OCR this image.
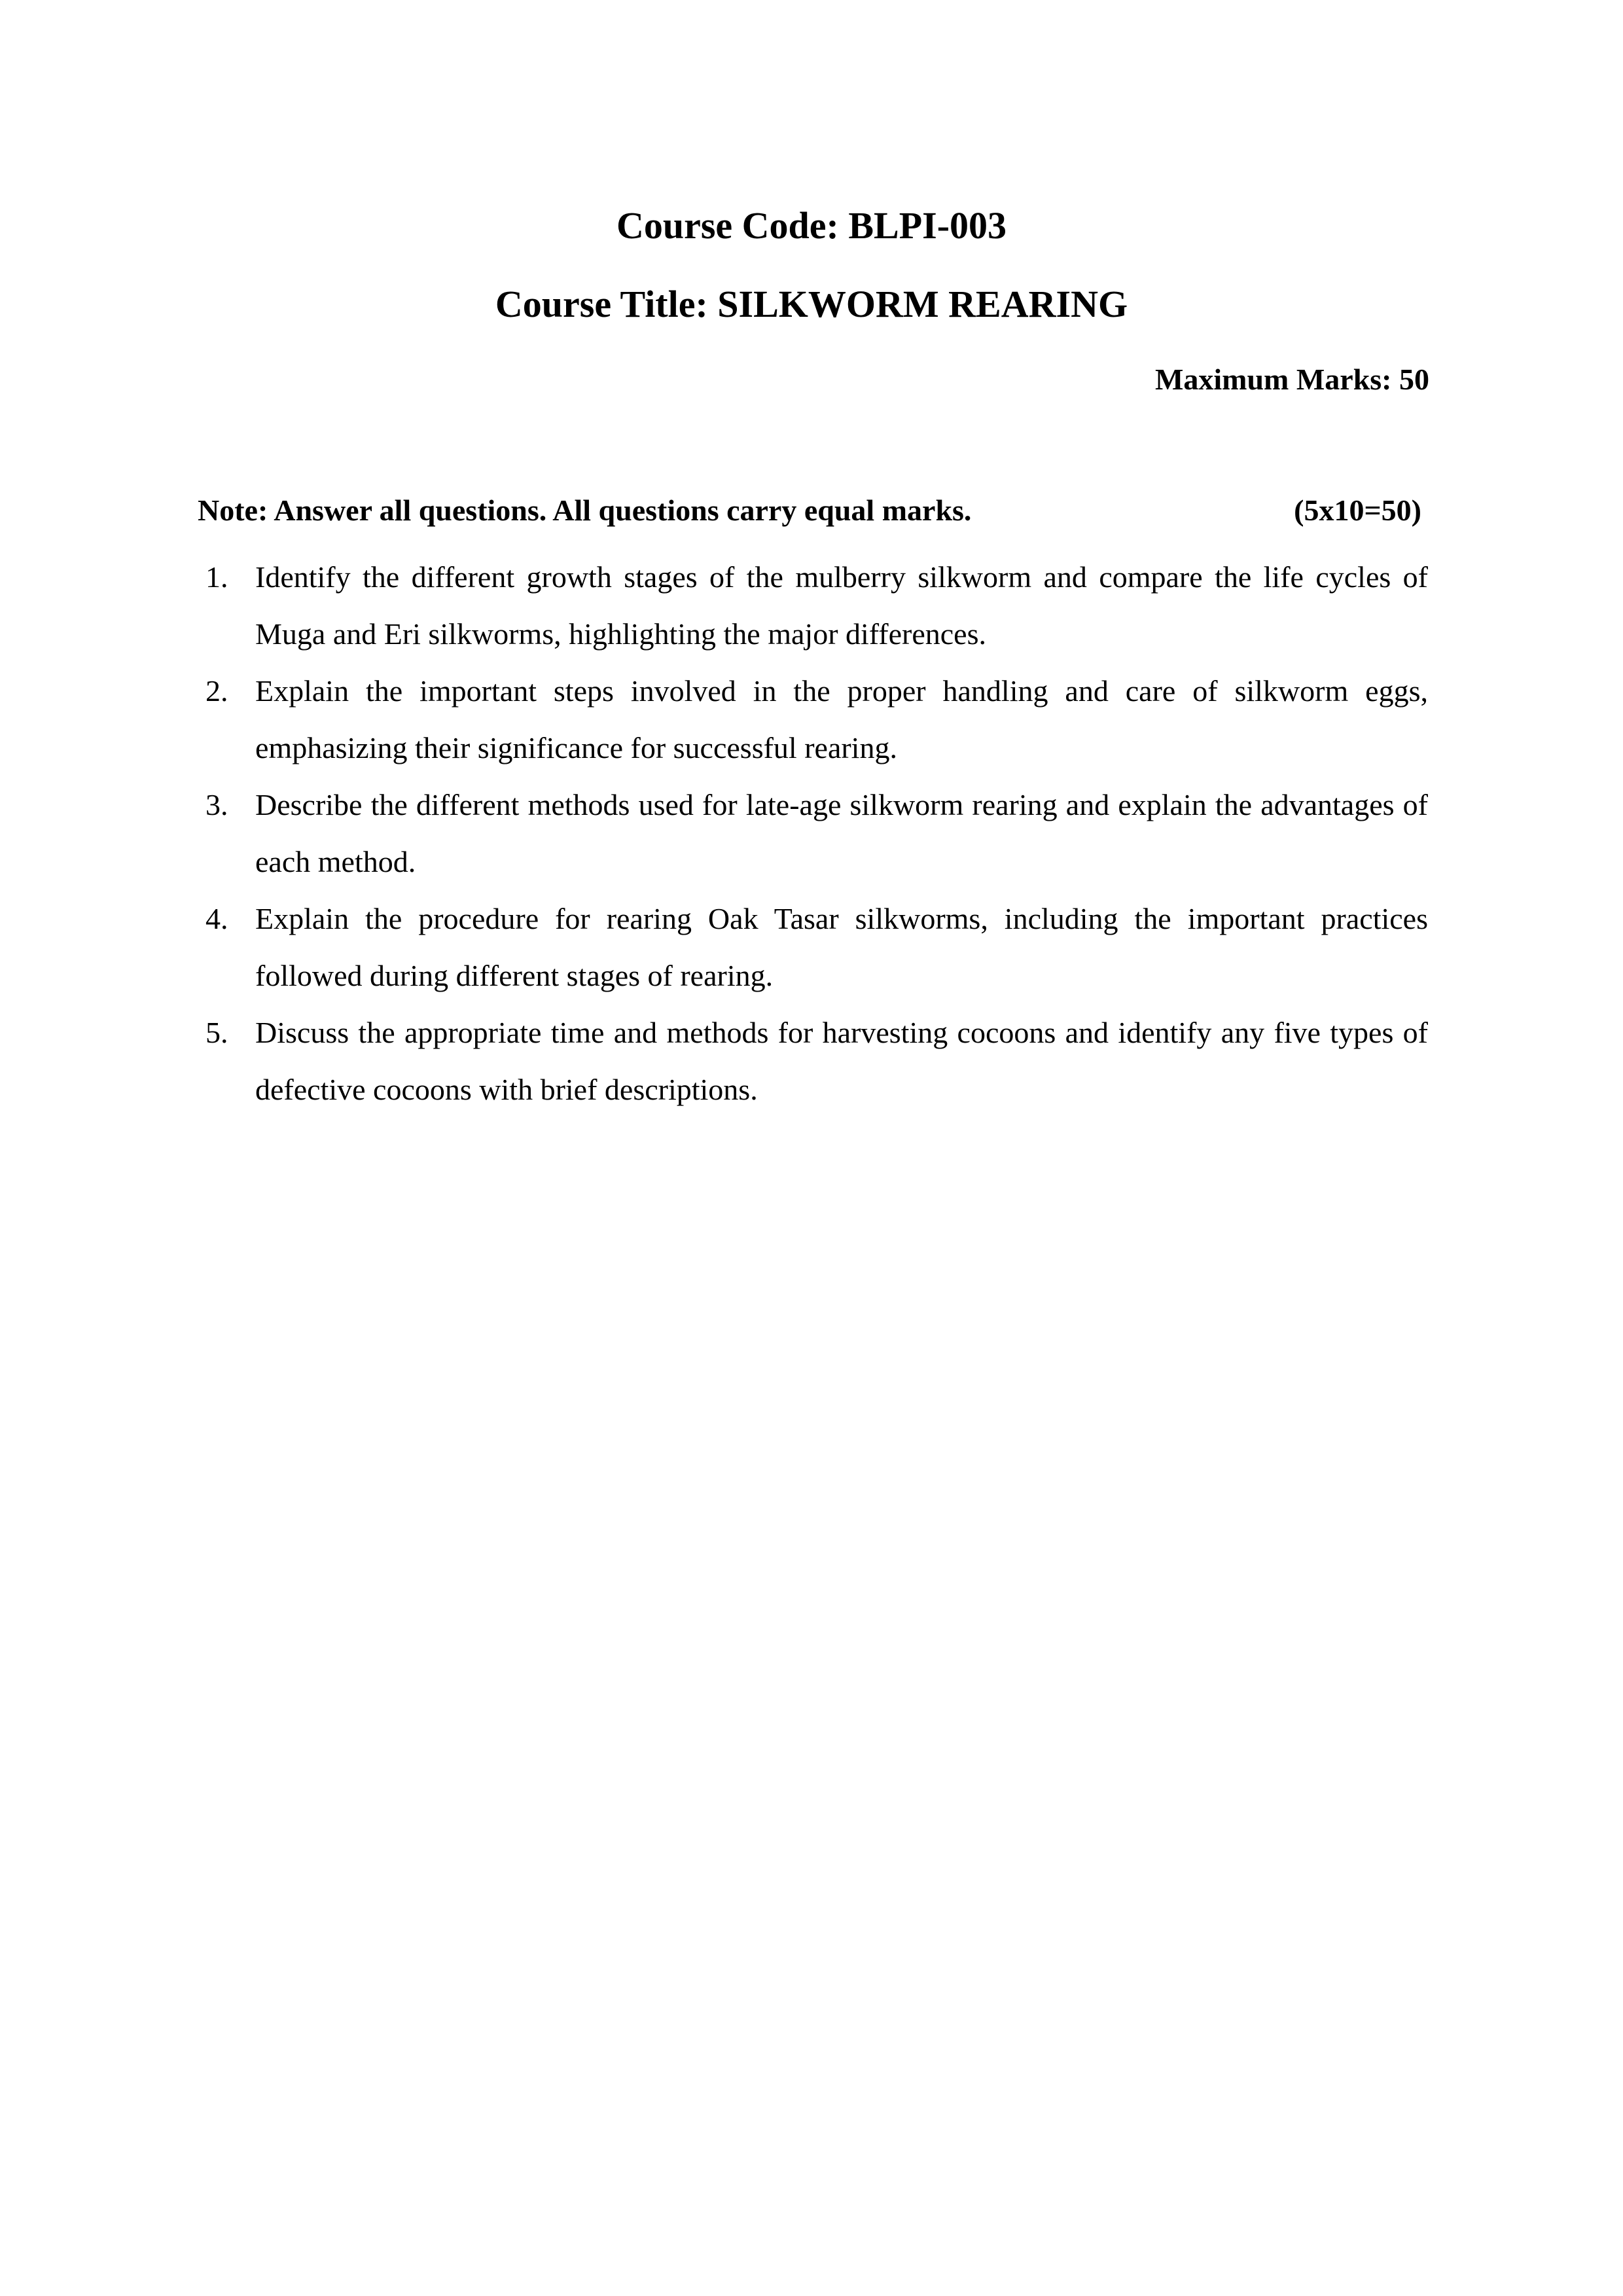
Course Code: BLPI-003
Course Title: SILKWORM REARING
Maximum Marks: 50
Note: Answer all questions. All questions carry equal marks.	(5x10=50)
1. Identify the different growth stages of the mulberry silkworm and compare the life cycles of Muga and Eri silkworms, highlighting the major differences.
2. Explain the important steps involved in the proper handling and care of silkworm eggs, emphasizing their significance for successful rearing.
3. Describe the different methods used for late-age silkworm rearing and explain the advantages of each method.
4. Explain the procedure for rearing Oak Tasar silkworms, including the important practices followed during different stages of rearing.
5. Discuss the appropriate time and methods for harvesting cocoons and identify any five types of defective cocoons with brief descriptions.
